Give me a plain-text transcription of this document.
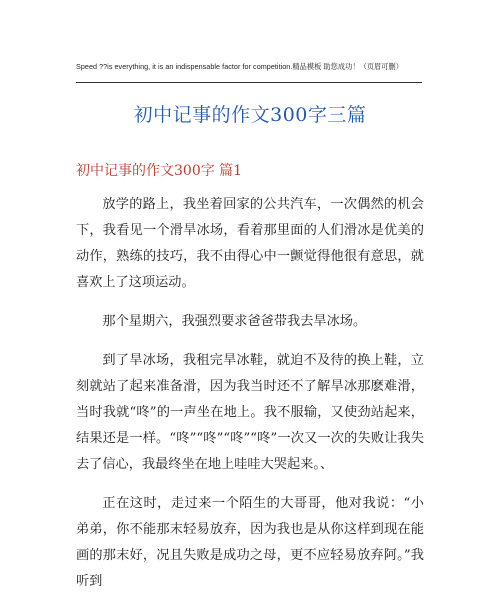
Speed ??is everything, it is an indispensable factor for competition.精品模板 助您成功！（页眉可删）
初中记事的作文300字三篇
初中记事的作文300字 篇1

放学的路上，我坐着回家的公共汽车，一次偶然的机会下，我看见一个滑旱冰场，看着那里面的人们滑冰是优美的动作，熟练的技巧，我不由得心中一颤觉得他很有意思，就喜欢上了这项运动。

那个星期六，我强烈要求爸爸带我去旱冰场。

到了旱冰场，我租完旱冰鞋，就迫不及待的换上鞋，立刻就站了起来准备滑，因为我当时还不了解旱冰那麽难滑，当时我就“咚”的一声坐在地上。我不服输，又使劲站起来，结果还是一样。“咚”“咚”“咚”“咚”一次又一次的失败让我失去了信心，我最终坐在地上哇哇大哭起来。、

正在这时，走过来一个陌生的大哥哥，他对我说：“小弟弟，你不能那末轻易放弃，因为我也是从你这样到现在能画的那末好，况且失败是成功之母，更不应轻易放弃阿。”我听到
